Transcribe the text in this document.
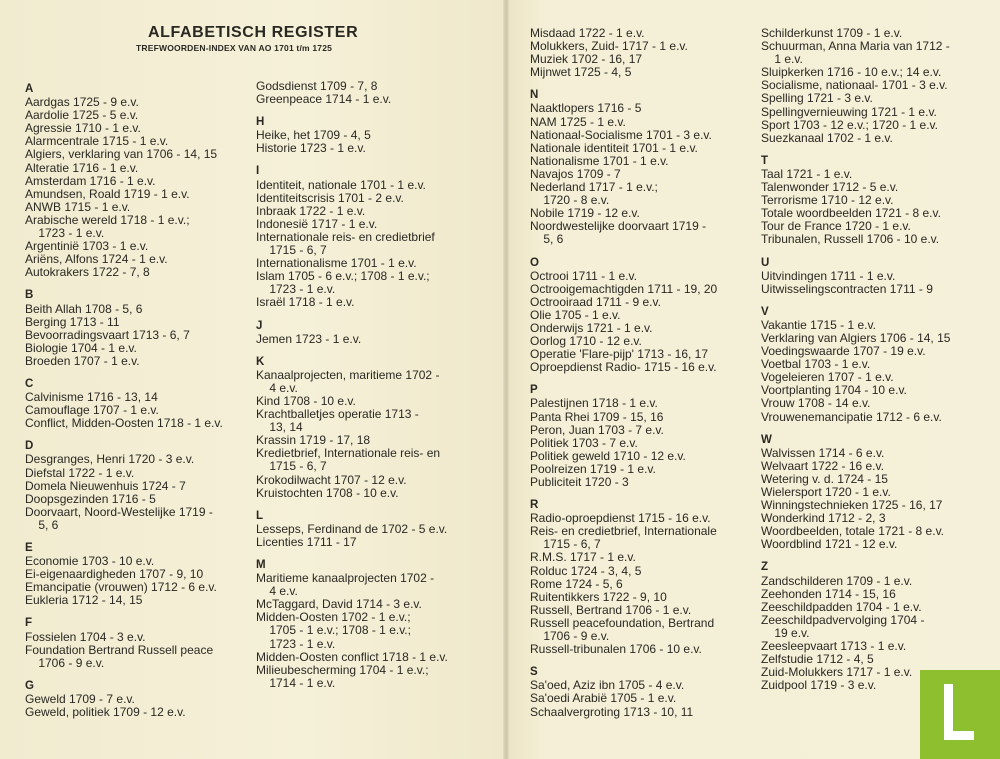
ALFABETISCH REGISTER
TREFWOORDEN-INDEX VAN AO 1701 t/m 1725
A
Aardgas 1725 - 9 e.v.
Aardolie 1725 - 5 e.v.
Agressie 1710 - 1 e.v.
Alarmcentrale 1715 - 1 e.v.
Algiers, verklaring van 1706 - 14, 15
Alteratie 1716 - 1 e.v.
Amsterdam 1716 - 1 e.v.
Amundsen, Roald 1719 - 1 e.v.
ANWB 1715 - 1 e.v.
Arabische wereld 1718 - 1 e.v.;
1723 - 1 e.v.
Argentinië 1703 - 1 e.v.
Ariëns, Alfons 1724 - 1 e.v.
Autokrakers 1722 - 7, 8
B
Beith Allah 1708 - 5, 6
Berging 1713 - 11
Bevoorradingsvaart 1713 - 6, 7
Biologie 1704 - 1 e.v.
Broeden 1707 - 1 e.v.
C
Calvinisme 1716 - 13, 14
Camouflage 1707 - 1 e.v.
Conflict, Midden-Oosten 1718 - 1 e.v.
D
Desgranges, Henri 1720 - 3 e.v.
Diefstal 1722 - 1 e.v.
Domela Nieuwenhuis 1724 - 7
Doopsgezinden 1716 - 5
Doorvaart, Noord-Westelijke 1719 -
5, 6
E
Economie 1703 - 10 e.v.
Ei-eigenaardigheden 1707 - 9, 10
Emancipatie (vrouwen) 1712 - 6 e.v.
Eukleria 1712 - 14, 15
F
Fossielen 1704 - 3 e.v.
Foundation Bertrand Russell peace
1706 - 9 e.v.
G
Geweld 1709 - 7 e.v.
Geweld, politiek 1709 - 12 e.v.
Godsdienst 1709 - 7, 8
Greenpeace 1714 - 1 e.v.
H
Heike, het 1709 - 4, 5
Historie 1723 - 1 e.v.
I
Identiteit, nationale 1701 - 1 e.v.
Identiteitscrisis 1701 - 2 e.v.
Inbraak 1722 - 1 e.v.
Indonesië 1717 - 1 e.v.
Internationale reis- en credietbrief
1715 - 6, 7
Internationalisme 1701 - 1 e.v.
Islam 1705 - 6 e.v.; 1708 - 1 e.v.;
1723 - 1 e.v.
Israël 1718 - 1 e.v.
J
Jemen 1723 - 1 e.v.
K
Kanaalprojecten, maritieme 1702 -
4 e.v.
Kind 1708 - 10 e.v.
Krachtballetjes operatie 1713 -
13, 14
Krassin 1719 - 17, 18
Kredietbrief, Internationale reis- en
1715 - 6, 7
Krokodilwacht 1707 - 12 e.v.
Kruistochten 1708 - 10 e.v.
L
Lesseps, Ferdinand de 1702 - 5 e.v.
Licenties 1711 - 17
M
Maritieme kanaalprojecten 1702 -
4 e.v.
McTaggard, David 1714 - 3 e.v.
Midden-Oosten 1702 - 1 e.v.;
1705 - 1 e.v.; 1708 - 1 e.v.;
1723 - 1 e.v.
Midden-Oosten conflict 1718 - 1 e.v.
Milieubescherming 1704 - 1 e.v.;
1714 - 1 e.v.
Misdaad 1722 - 1 e.v.
Molukkers, Zuid- 1717 - 1 e.v.
Muziek 1702 - 16, 17
Mijnwet 1725 - 4, 5
N
Naaktlopers 1716 - 5
NAM 1725 - 1 e.v.
Nationaal-Socialisme 1701 - 3 e.v.
Nationale identiteit 1701 - 1 e.v.
Nationalisme 1701 - 1 e.v.
Navajos 1709 - 7
Nederland 1717 - 1 e.v.;
1720 - 8 e.v.
Nobile 1719 - 12 e.v.
Noordwestelijke doorvaart 1719 -
5, 6
O
Octrooi 1711 - 1 e.v.
Octrooigemachtigden 1711 - 19, 20
Octrooiraad 1711 - 9 e.v.
Olie 1705 - 1 e.v.
Onderwijs 1721 - 1 e.v.
Oorlog 1710 - 12 e.v.
Operatie 'Flare-pijp' 1713 - 16, 17
Oproepdienst Radio- 1715 - 16 e.v.
P
Palestijnen 1718 - 1 e.v.
Panta Rhei 1709 - 15, 16
Peron, Juan 1703 - 7 e.v.
Politiek 1703 - 7 e.v.
Politiek geweld 1710 - 12 e.v.
Poolreizen 1719 - 1 e.v.
Publiciteit 1720 - 3
R
Radio-oproepdienst 1715 - 16 e.v.
Reis- en credietbrief, Internationale
1715 - 6, 7
R.M.S. 1717 - 1 e.v.
Rolduc 1724 - 3, 4, 5
Rome 1724 - 5, 6
Ruitentikkers 1722 - 9, 10
Russell, Bertrand 1706 - 1 e.v.
Russell peacefoundation, Bertrand
1706 - 9 e.v.
Russell-tribunalen 1706 - 10 e.v.
S
Sa'oed, Aziz ibn 1705 - 4 e.v.
Sa'oedi Arabië 1705 - 1 e.v.
Schaalvergroting 1713 - 10, 11
Schilderkunst 1709 - 1 e.v.
Schuurman, Anna Maria van 1712 -
1 e.v.
Sluipkerken 1716 - 10 e.v.; 14 e.v.
Socialisme, nationaal- 1701 - 3 e.v.
Spelling 1721 - 3 e.v.
Spellingvernieuwing 1721 - 1 e.v.
Sport 1703 - 12 e.v.; 1720 - 1 e.v.
Suezkanaal 1702 - 1 e.v.
T
Taal 1721 - 1 e.v.
Talenwonder 1712 - 5 e.v.
Terrorisme 1710 - 12 e.v.
Totale woordbeelden 1721 - 8 e.v.
Tour de France 1720 - 1 e.v.
Tribunalen, Russell 1706 - 10 e.v.
U
Uitvindingen 1711 - 1 e.v.
Uitwisselingscontracten 1711 - 9
V
Vakantie 1715 - 1 e.v.
Verklaring van Algiers 1706 - 14, 15
Voedingswaarde 1707 - 19 e.v.
Voetbal 1703 - 1 e.v.
Vogeleieren 1707 - 1 e.v.
Voortplanting 1704 - 10 e.v.
Vrouw 1708 - 14 e.v.
Vrouwenemancipatie 1712 - 6 e.v.
W
Walvissen 1714 - 6 e.v.
Welvaart 1722 - 16 e.v.
Wetering v. d. 1724 - 15
Wielersport 1720 - 1 e.v.
Winningstechnieken 1725 - 16, 17
Wonderkind 1712 - 2, 3
Woordbeelden, totale 1721 - 8 e.v.
Woordblind 1721 - 12 e.v.
Z
Zandschilderen 1709 - 1 e.v.
Zeehonden 1714 - 15, 16
Zeeschildpadden 1704 - 1 e.v.
Zeeschildpadvervolging 1704 -
19 e.v.
Zeesleepvaart 1713 - 1 e.v.
Zelfstudie 1712 - 4, 5
Zuid-Molukkers 1717 - 1 e.v.
Zuidpool 1719 - 3 e.v.
